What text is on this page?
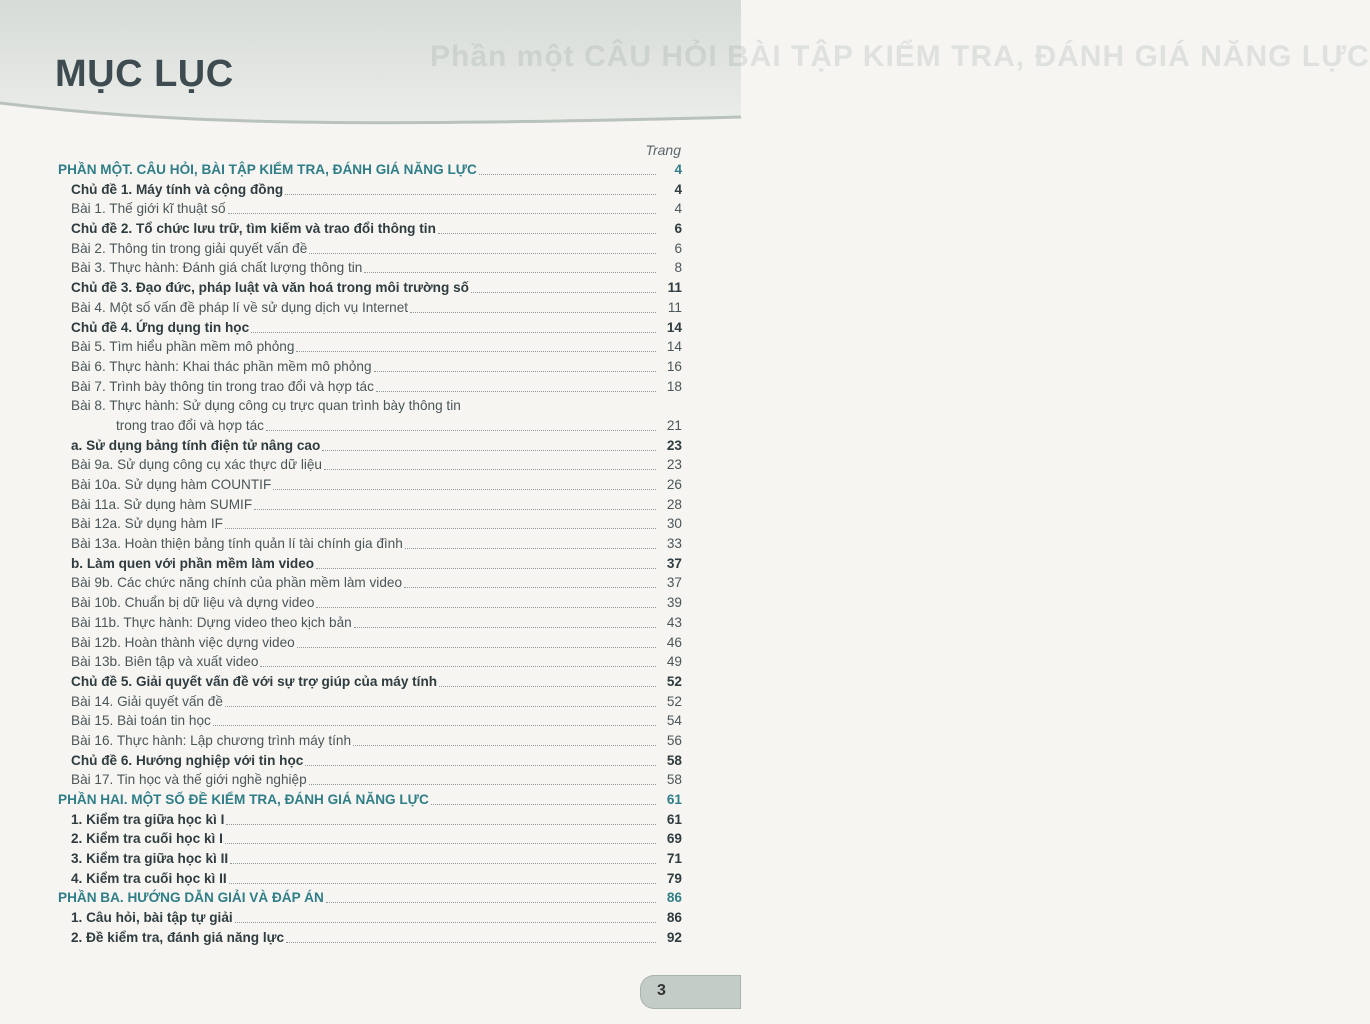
Phần một CÂU HỎI BÀI TẬP KIỂM TRA, ĐÁNH GIÁ NĂNG LỰC
MỤC LỤC
Trang
PHẦN MỘT. CÂU HỎI, BÀI TẬP KIỂM TRA, ĐÁNH GIÁ NĂNG LỰC	4
Chủ đề 1. Máy tính và cộng đồng	4
Bài 1. Thế giới kĩ thuật số	4
Chủ đề 2. Tổ chức lưu trữ, tìm kiếm và trao đổi thông tin	6
Bài 2. Thông tin trong giải quyết vấn đề	6
Bài 3. Thực hành: Đánh giá chất lượng thông tin	8
Chủ đề 3. Đạo đức, pháp luật và văn hoá trong môi trường số	11
Bài 4. Một số vấn đề pháp lí về sử dụng dịch vụ Internet	11
Chủ đề 4. Ứng dụng tin học	14
Bài 5. Tìm hiểu phần mềm mô phỏng	14
Bài 6. Thực hành: Khai thác phần mềm mô phỏng	16
Bài 7. Trình bày thông tin trong trao đổi và hợp tác	18
Bài 8. Thực hành: Sử dụng công cụ trực quan trình bày thông tin
trong trao đổi và hợp tác	21
a. Sử dụng bảng tính điện tử nâng cao	23
Bài 9a. Sử dụng công cụ xác thực dữ liệu	23
Bài 10a. Sử dụng hàm COUNTIF	26
Bài 11a. Sử dụng hàm SUMIF	28
Bài 12a. Sử dụng hàm IF	30
Bài 13a. Hoàn thiện bảng tính quản lí tài chính gia đình	33
b. Làm quen với phần mềm làm video	37
Bài 9b. Các chức năng chính của phần mềm làm video	37
Bài 10b. Chuẩn bị dữ liệu và dựng video	39
Bài 11b. Thực hành: Dựng video theo kịch bản	43
Bài 12b. Hoàn thành việc dựng video	46
Bài 13b. Biên tập và xuất video	49
Chủ đề 5. Giải quyết vấn đề với sự trợ giúp của máy tính	52
Bài 14. Giải quyết vấn đề	52
Bài 15. Bài toán tin học	54
Bài 16. Thực hành: Lập chương trình máy tính	56
Chủ đề 6. Hướng nghiệp với tin học	58
Bài 17. Tin học và thế giới nghề nghiệp	58
PHẦN HAI. MỘT SỐ ĐỀ KIỂM TRA, ĐÁNH GIÁ NĂNG LỰC	61
1. Kiểm tra giữa học kì I	61
2. Kiểm tra cuối học kì I	69
3. Kiểm tra giữa học kì II	71
4. Kiểm tra cuối học kì II	79
PHẦN BA. HƯỚNG DẪN GIẢI VÀ ĐÁP ÁN	86
1. Câu hỏi, bài tập tự giải	86
2. Đề kiểm tra, đánh giá năng lực	92
3
